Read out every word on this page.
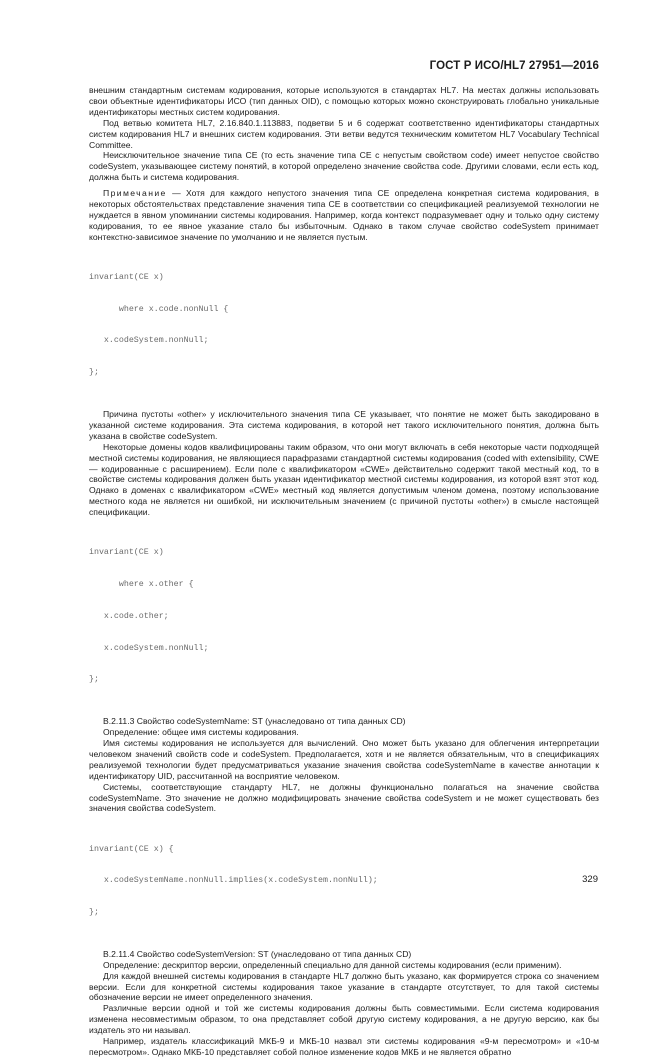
ГОСТ Р ИСО/HL7 27951—2016

внешним стандартным системам кодирования, которые используются в стандартах HL7. На местах должны использовать свои объектные идентификаторы ИСО (тип данных OID), с помощью которых можно сконструировать глобально уникальные идентификаторы местных систем кодирования.

Под ветвью комитета HL7, 2.16.840.1.113883, подветви 5 и 6 содержат соответственно идентификаторы стандартных систем кодирования HL7 и внешних систем кодирования. Эти ветви ведутся техническим комитетом HL7 Vocabulary Technical Committee.

Неисключительное значение типа CE (то есть значение типа CE с непустым свойством code) имеет непустое свойство codeSystem, указывающее систему понятий, в которой определено значение свойства code. Другими словами, если есть код, должна быть и система кодирования.

Примечание — Хотя для каждого непустого значения типа CE определена конкретная система кодирования, в некоторых обстоятельствах представление значения типа CE в соответствии со спецификацией реализуемой технологии не нуждается в явном упоминании системы кодирования. Например, когда контекст подразумевает одну и только одну систему кодирования, то ее явное указание стало бы избыточным. Однако в таком случае свойство codeSystem принимает контекстно-зависимое значение по умолчанию и не является пустым.

invariant(CE x)

where x.code.nonNull {

x.codeSystem.nonNull;

};

Причина пустоты «other» у исключительного значения типа CE указывает, что понятие не может быть закодировано в указанной системе кодирования. Эта система кодирования, в которой нет такого исключительного понятия, должна быть указана в свойстве codeSystem.

Некоторые домены кодов квалифицированы таким образом, что они могут включать в себя некоторые части подходящей местной системы кодирования, не являющиеся парафразами стандартной системы кодирования (coded with extensibility, CWE — кодированные с расширением). Если поле с квалификатором «CWE» действительно содержит такой местный код, то в свойстве системы кодирования должен быть указан идентификатор местной системы кодирования, из которой взят этот код. Однако в доменах с квалификатором «CWE» местный код является допустимым членом домена, поэтому использование местного кода не является ни ошибкой, ни исключительным значением (с причиной пустоты «other») в смысле настоящей спецификации.

invariant(CE x)

where x.other {

x.code.other;

x.codeSystem.nonNull;

};

B.2.11.3 Свойство codeSystemName: ST (унаследовано от типа данных CD)

Определение: общее имя системы кодирования.

Имя системы кодирования не используется для вычислений. Оно может быть указано для облегчения интерпретации человеком значений свойств code и codeSystem. Предполагается, хотя и не является обязательным, что в спецификациях реализуемой технологии будет предусматриваться указание значения свойства codeSystemName в качестве аннотации к идентификатору UID, рассчитанной на восприятие человеком.

Системы, соответствующие стандарту HL7, не должны функционально полагаться на значение свойства codeSystemName. Это значение не должно модифицировать значение свойства codeSystem и не может существовать без значения свойства codeSystem.

invariant(CE x) {

x.codeSystemName.nonNull.implies(x.codeSystem.nonNull);

};

B.2.11.4 Свойство codeSystemVersion: ST (унаследовано от типа данных CD)

Определение: дескриптор версии, определенный специально для данной системы кодирования (если применим).

Для каждой внешней системы кодирования в стандарте HL7 должно быть указано, как формируется строка со значением версии. Если для конкретной системы кодирования такое указание в стандарте отсутствует, то для такой системы обозначение версии не имеет определенного значения.

Различные версии одной и той же системы кодирования должны быть совместимыми. Если система кодирования изменена несовместимым образом, то она представляет собой другую систему кодирования, а не другую версию, как бы издатель это ни называл.

Например, издатель классификаций МКБ-9 и МКБ-10 назвал эти системы кодирования «9-м пересмотром» и «10-м пересмотром». Однако МКБ-10 представляет собой полное изменение кодов МКБ и не является обратно

329
